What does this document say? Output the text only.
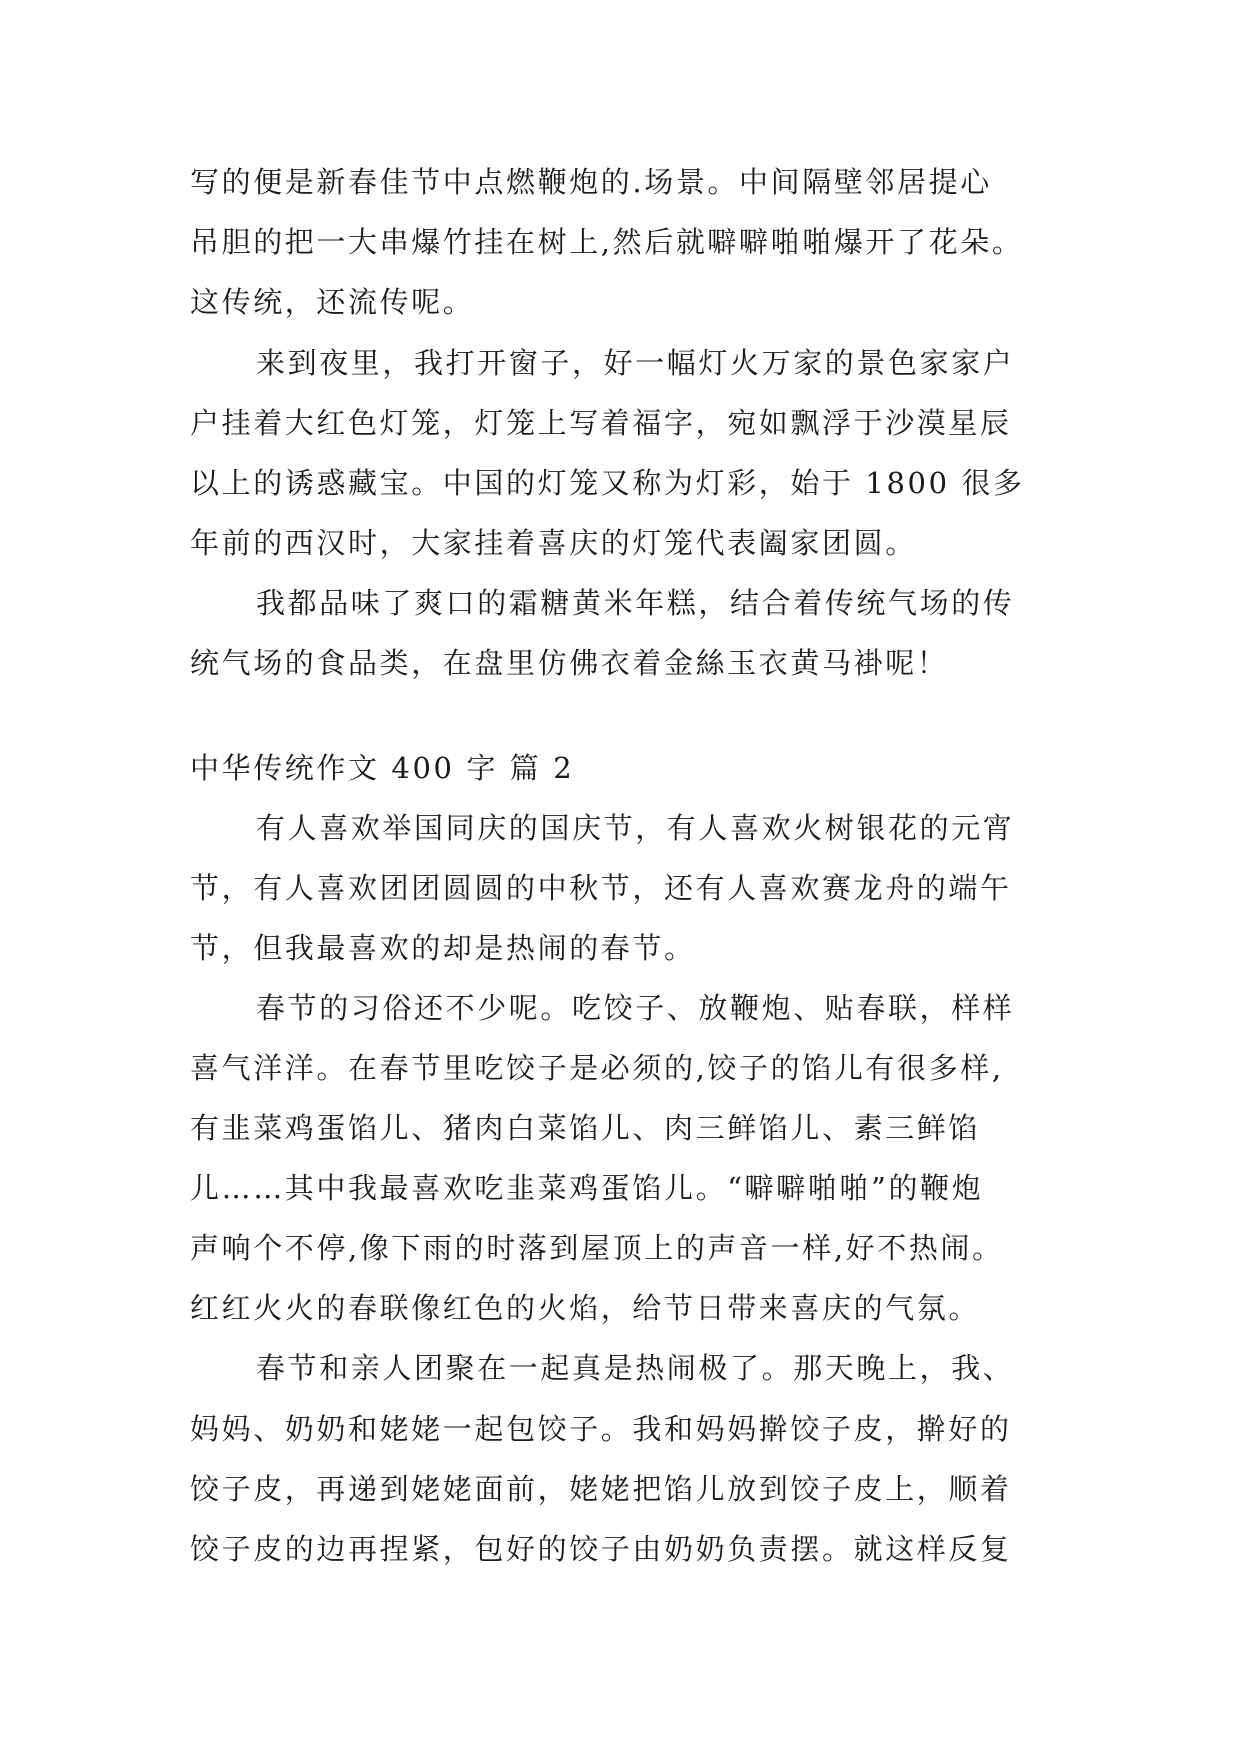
写的便是新春佳节中点燃鞭炮的.场景。中间隔壁邻居提心
吊胆的把一大串爆竹挂在树上,然后就噼噼啪啪爆开了花朵。
这传统，还流传呢。
来到夜里，我打开窗子，好一幅灯火万家的景色家家户
户挂着大红色灯笼，灯笼上写着福字，宛如飘浮于沙漠星辰
以上的诱惑藏宝。中国的灯笼又称为灯彩，始于 1800 很多
年前的西汉时，大家挂着喜庆的灯笼代表阖家团圆。
我都品味了爽口的霜糖黄米年糕，结合着传统气场的传
统气场的食品类，在盘里仿佛衣着金絲玉衣黄马褂呢！
中华传统作文 400 字 篇 2
有人喜欢举国同庆的国庆节，有人喜欢火树银花的元宵
节，有人喜欢团团圆圆的中秋节，还有人喜欢赛龙舟的端午
节，但我最喜欢的却是热闹的春节。
春节的习俗还不少呢。吃饺子、放鞭炮、贴春联，样样
喜气洋洋。在春节里吃饺子是必须的,饺子的馅儿有很多样,
有韭菜鸡蛋馅儿、猪肉白菜馅儿、肉三鲜馅儿、素三鲜馅
儿……其中我最喜欢吃韭菜鸡蛋馅儿。“噼噼啪啪”的鞭炮
声响个不停,像下雨的时落到屋顶上的声音一样,好不热闹。
红红火火的春联像红色的火焰，给节日带来喜庆的气氛。
春节和亲人团聚在一起真是热闹极了。那天晚上，我、
妈妈、奶奶和姥姥一起包饺子。我和妈妈擀饺子皮，擀好的
饺子皮，再递到姥姥面前，姥姥把馅儿放到饺子皮上，顺着
饺子皮的边再捏紧，包好的饺子由奶奶负责摆。就这样反复
